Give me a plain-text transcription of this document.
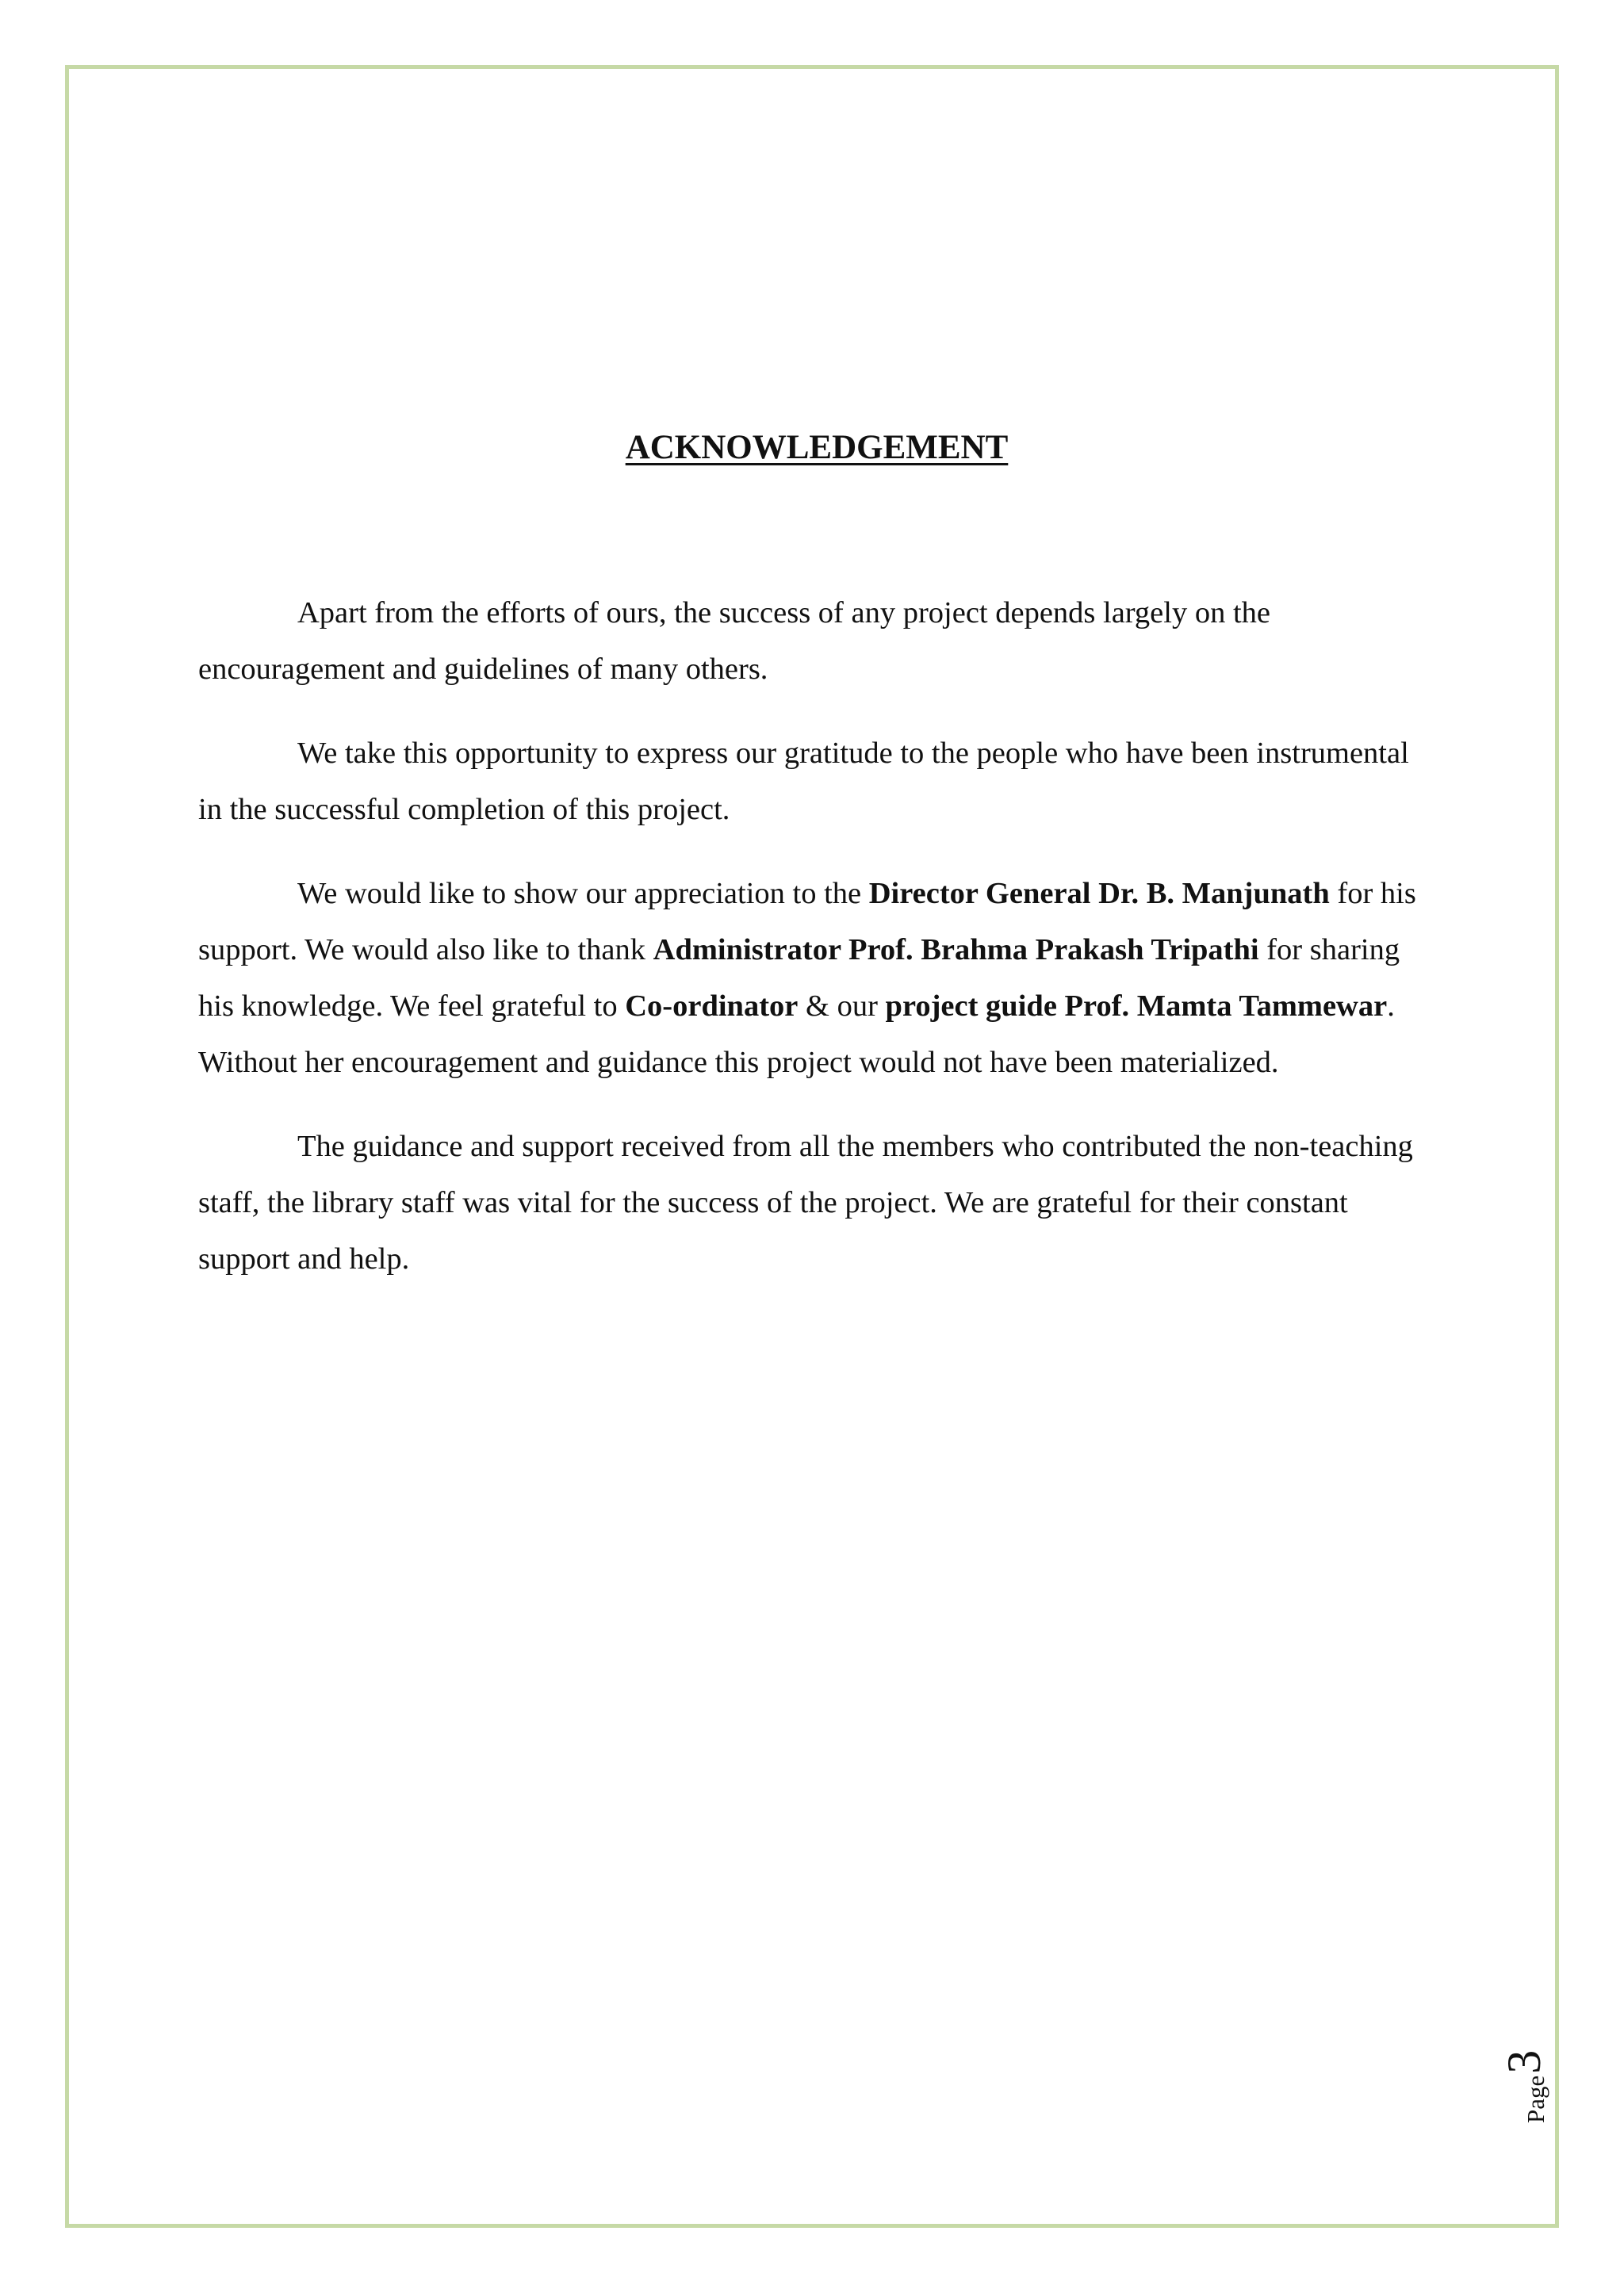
ACKNOWLEDGEMENT

Apart from the efforts of ours, the success of any project depends largely on the encouragement and guidelines of many others.

We take this opportunity to express our gratitude to the people who have been instrumental in the successful completion of this project.

We would like to show our appreciation to the Director General Dr. B. Manjunath for his support. We would also like to thank Administrator Prof. Brahma Prakash Tripathi for sharing his knowledge. We feel grateful to Co-ordinator & our project guide Prof. Mamta Tammewar. Without her encouragement and guidance this project would not have been materialized.

The guidance and support received from all the members who contributed the non-teaching staff, the library staff was vital for the success of the project. We are grateful for their constant support and help.

Page
3
